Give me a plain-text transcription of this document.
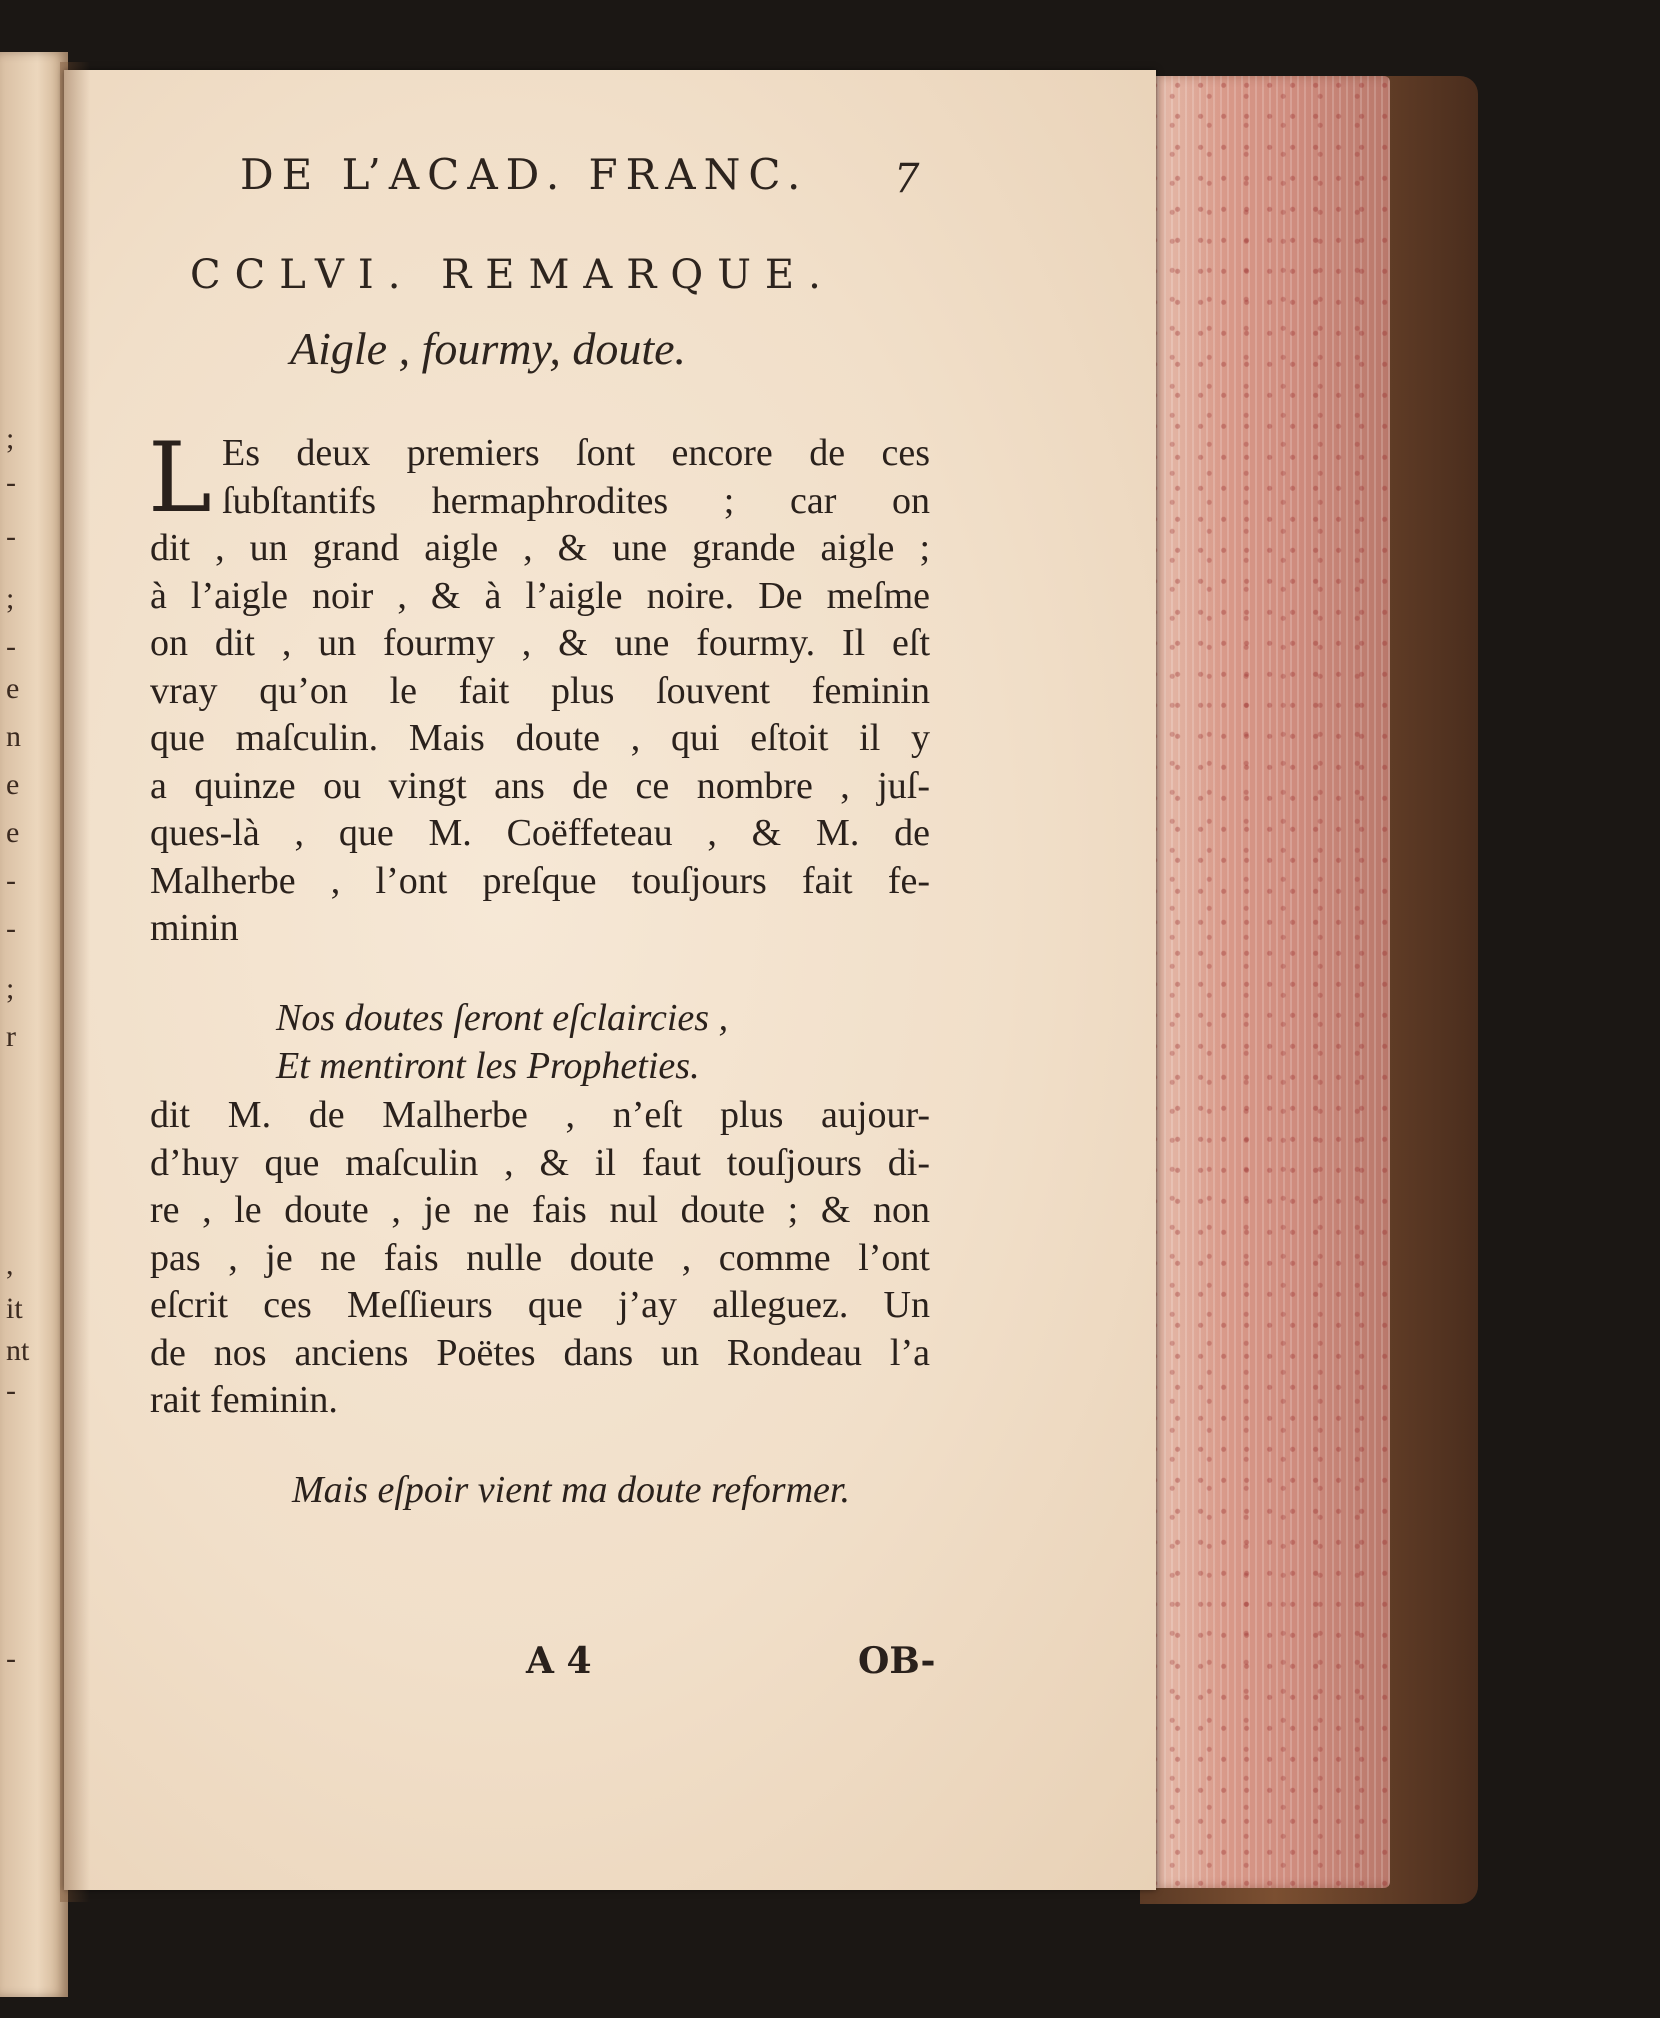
;
-
-
;
-
e
n
e
e
-
-
;
r
,
it
nt
-
-
DE L’ACAD. FRANC.	7
CCLVI. REMARQUE.
Aigle , fourmy, doute.
L Es deux premiers ſont encore de ces
ſubſtantifs hermaphrodites ; car on
dit , un grand aigle , & une grande aigle ;
à l’aigle noir , & à l’aigle noire. De meſme
on dit , un fourmy , & une fourmy. Il eſt
vray qu’on le fait plus ſouvent feminin
que maſculin. Mais doute , qui eſtoit il y
a quinze ou vingt ans de ce nombre , juſ-
ques-là , que M. Coëffeteau , & M. de
Malherbe , l’ont preſque touſjours fait fe-
minin
Nos doutes ſeront eſclaircies ,
Et mentiront les Propheties.
dit M. de Malherbe , n’eſt plus aujour-
d’huy que maſculin , & il faut touſjours di-
re , le doute , je ne fais nul doute ; & non
pas , je ne fais nulle doute , comme l’ont
eſcrit ces Meſſieurs que j’ay alleguez. Un
de nos anciens Poëtes dans un Rondeau l’a
rait feminin.
Mais eſpoir vient ma doute reformer.
A 4	OB-
